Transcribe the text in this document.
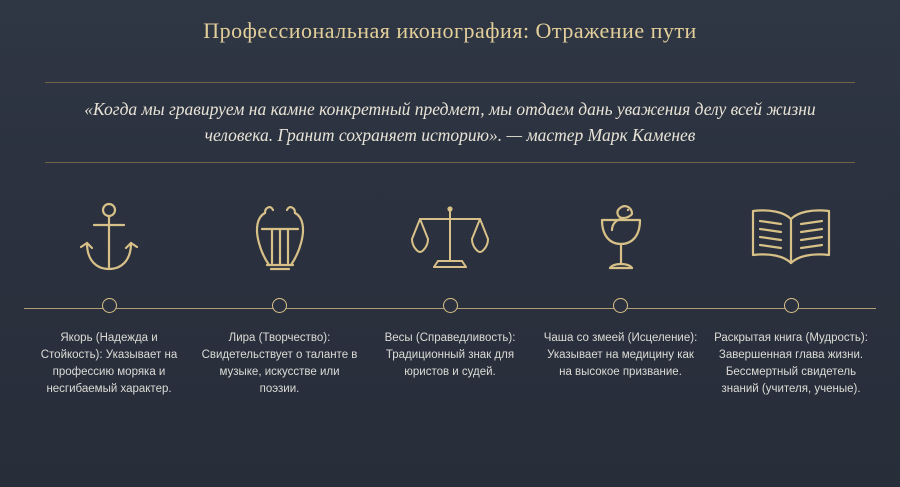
Профессиональная иконография: Отражение пути

«Когда мы гравируем на камне конкретный предмет, мы отдаем дань уважения делу всей жизни человека. Гранит сохраняет историю». — мастер Марк Каменев

Якорь (Надежда и Стойкость): Указывает на профессию моряка и несгибаемый характер.
Лира (Творчество): Свидетельствует о таланте в музыке, искусстве или поэзии.
Весы (Справедливость): Традиционный знак для юристов и судей.
Чаша со змеей (Исцеление): Указывает на медицину как на высокое призвание.
Раскрытая книга (Мудрость): Завершенная глава жизни. Бессмертный свидетель знаний (учителя, ученые).
